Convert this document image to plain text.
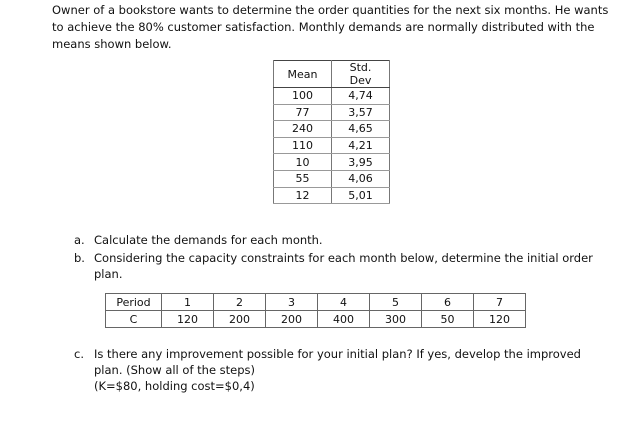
Owner of a bookstore wants to determine the order quantities for the next six months. He wants to achieve the 80% customer satisfaction. Monthly demands are normally distributed with the means shown below.

Mean	Std. Dev
100	4,74
77	3,57
240	4,65
110	4,21
10	3,95
55	4,06
12	5,01
a. Calculate the demands for each month.
b. Considering the capacity constraints for each month below, determine the initial order plan.
Period	1	2	3	4	5	6	7
C	120	200	200	400	300	50	120
c. Is there any improvement possible for your initial plan? If yes, develop the improved plan. (Show all of the steps)
(K=$80, holding cost=$0,4)
